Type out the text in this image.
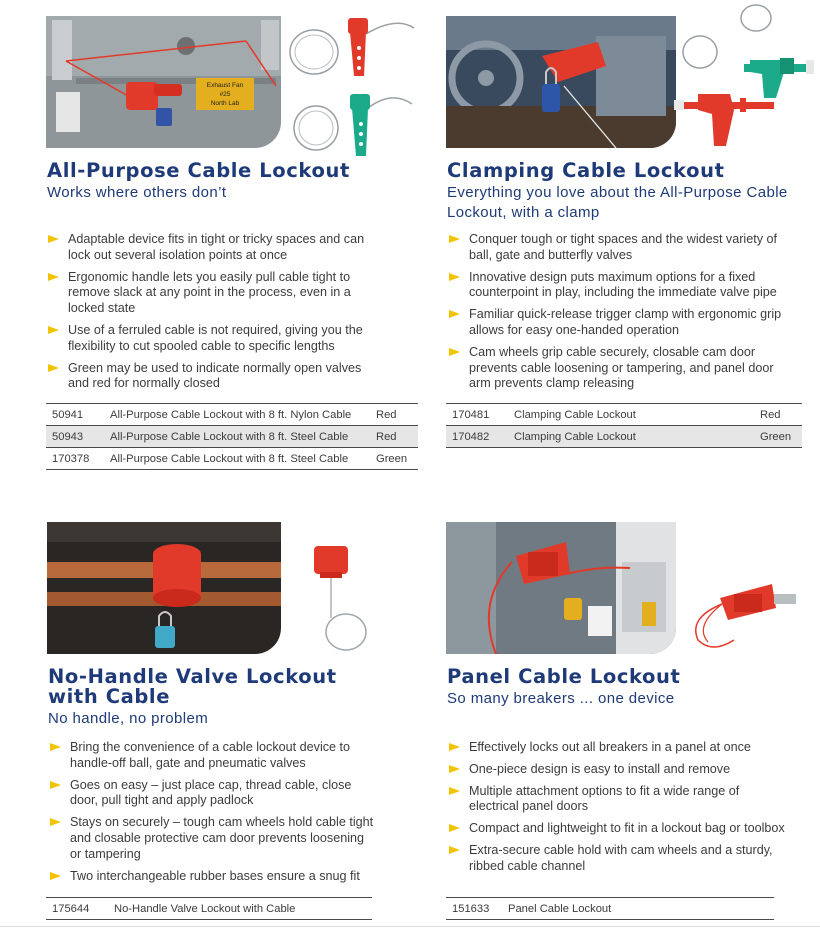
Exhaust Fan
#25
North Lab
All-Purpose Cable Lockout

Works where others don’t

Adaptable device fits in tight or tricky spaces and can lock out several isolation points at once
Ergonomic handle lets you easily pull cable tight to remove slack at any point in the process, even in a locked state
Use of a ferruled cable is not required, giving you the flexibility to cut spooled cable to specific lengths
Green may be used to indicate normally open valves and red for normally closed
50941	All-Purpose Cable Lockout with 8 ft. Nylon Cable	Red
50943	All-Purpose Cable Lockout with 8 ft. Steel Cable	Red
170378	All-Purpose Cable Lockout with 8 ft. Steel Cable	Green
Clamping Cable Lockout

Everything you love about the All-Purpose Cable Lockout, with a clamp

Conquer tough or tight spaces and the widest variety of ball, gate and butterfly valves
Innovative design puts maximum options for a fixed counterpoint in play, including the immediate valve pipe
Familiar quick-release trigger clamp with ergonomic grip allows for easy one-handed operation
Cam wheels grip cable securely, closable cam door prevents cable loosening or tampering, and panel door arm prevents clamp releasing
170481	Clamping Cable Lockout	Red
170482	Clamping Cable Lockout	Green
No-Handle Valve Lockout with Cable

No handle, no problem

Bring the convenience of a cable lockout device to handle-off ball, gate and pneumatic valves
Goes on easy – just place cap, thread cable, close door, pull tight and apply padlock
Stays on securely – tough cam wheels hold cable tight and closable protective cam door prevents loosening or tampering
Two interchangeable rubber bases ensure a snug fit
175644	No-Handle Valve Lockout with Cable
Panel Cable Lockout

So many breakers ... one device

Effectively locks out all breakers in a panel at once
One-piece design is easy to install and remove
Multiple attachment options to fit a wide range of electrical panel doors
Compact and lightweight to fit in a lockout bag or toolbox
Extra-secure cable hold with cam wheels and a sturdy, ribbed cable channel
151633	Panel Cable Lockout
